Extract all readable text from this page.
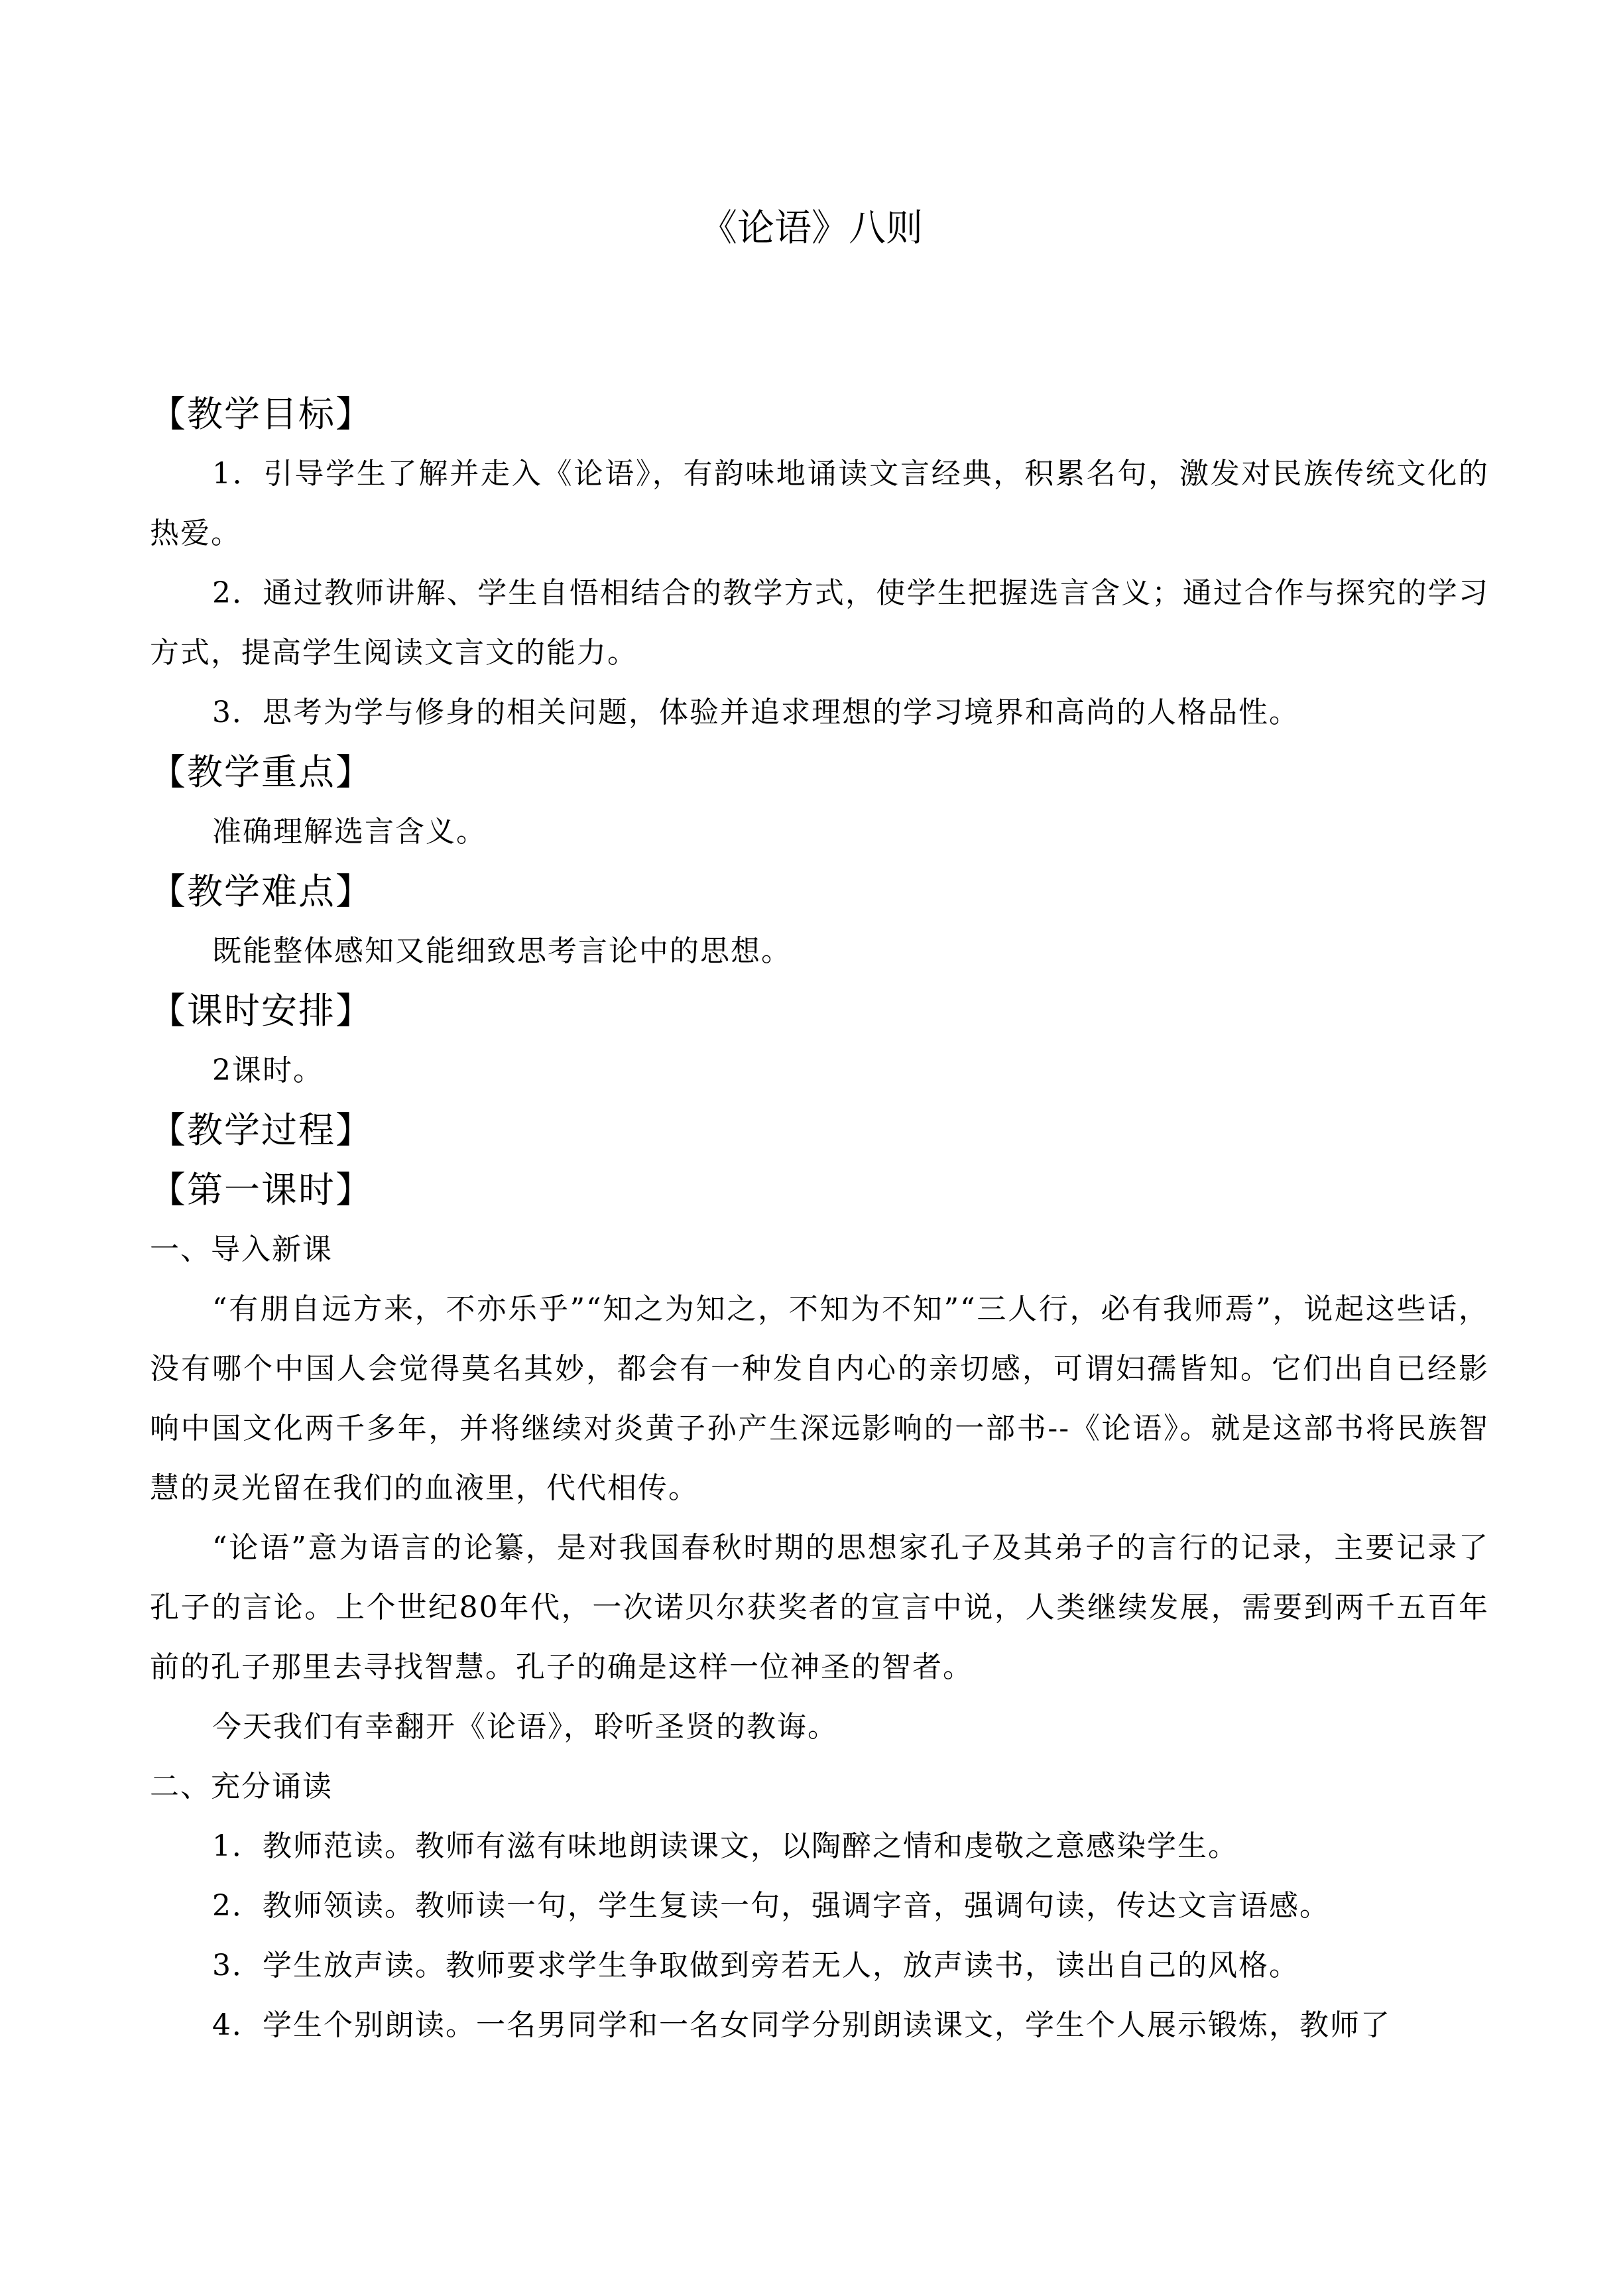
《论语》八则
【教学目标】
1．引导学生了解并走入《论语》，有韵味地诵读文言经典，积累名句，激发对民族传统文化的热爱。
2．通过教师讲解、学生自悟相结合的教学方式，使学生把握选言含义；通过合作与探究的学习方式，提高学生阅读文言文的能力。
3．思考为学与修身的相关问题，体验并追求理想的学习境界和高尚的人格品性。
【教学重点】
准确理解选言含义。
【教学难点】
既能整体感知又能细致思考言论中的思想。
【课时安排】
2课时。
【教学过程】
【第一课时】
一、导入新课
“有朋自远方来，不亦乐乎”“知之为知之，不知为不知”“三人行，必有我师焉”，说起这些话，没有哪个中国人会觉得莫名其妙，都会有一种发自内心的亲切感，可谓妇孺皆知。它们出自已经影响中国文化两千多年，并将继续对炎黄子孙产生深远影响的一部书--《论语》。就是这部书将民族智慧的灵光留在我们的血液里，代代相传。
“论语”意为语言的论纂，是对我国春秋时期的思想家孔子及其弟子的言行的记录，主要记录了孔子的言论。上个世纪80年代，一次诺贝尔获奖者的宣言中说，人类继续发展，需要到两千五百年前的孔子那里去寻找智慧。孔子的确是这样一位神圣的智者。
今天我们有幸翻开《论语》，聆听圣贤的教诲。
二、充分诵读
1．教师范读。教师有滋有味地朗读课文，以陶醉之情和虔敬之意感染学生。
2．教师领读。教师读一句，学生复读一句，强调字音，强调句读，传达文言语感。
3．学生放声读。教师要求学生争取做到旁若无人，放声读书，读出自己的风格。
4．学生个别朗读。一名男同学和一名女同学分别朗读课文，学生个人展示锻炼，教师了
